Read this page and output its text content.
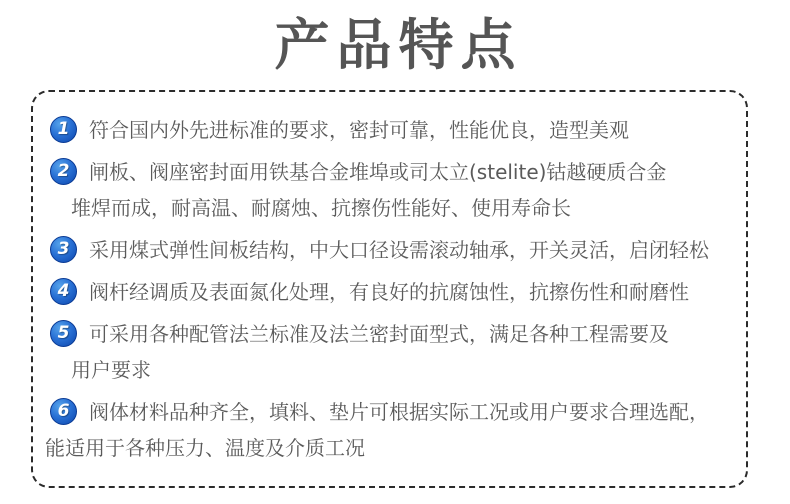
产品特点
1 符合国内外先进标准的要求，密封可靠，性能优良，造型美观
2 闸板、阀座密封面用铁基合金堆埠或司太立(stelite)钴越硬质合金
堆焊而成，耐高温、耐腐烛、抗擦伤性能好、使用寿命长
3 采用煤式弹性间板结构，中大口径设需滚动轴承，开关灵活，启闭轻松
4 阀杆经调质及表面氮化处理，有良好的抗腐蚀性，抗擦伤性和耐磨性
5 可采用各种配管法兰标准及法兰密封面型式，满足各种工程需要及
用户要求
6 阀体材料品种齐全，填料、垫片可根据实际工况或用户要求合理选配，
能适用于各种压力、温度及介质工况
